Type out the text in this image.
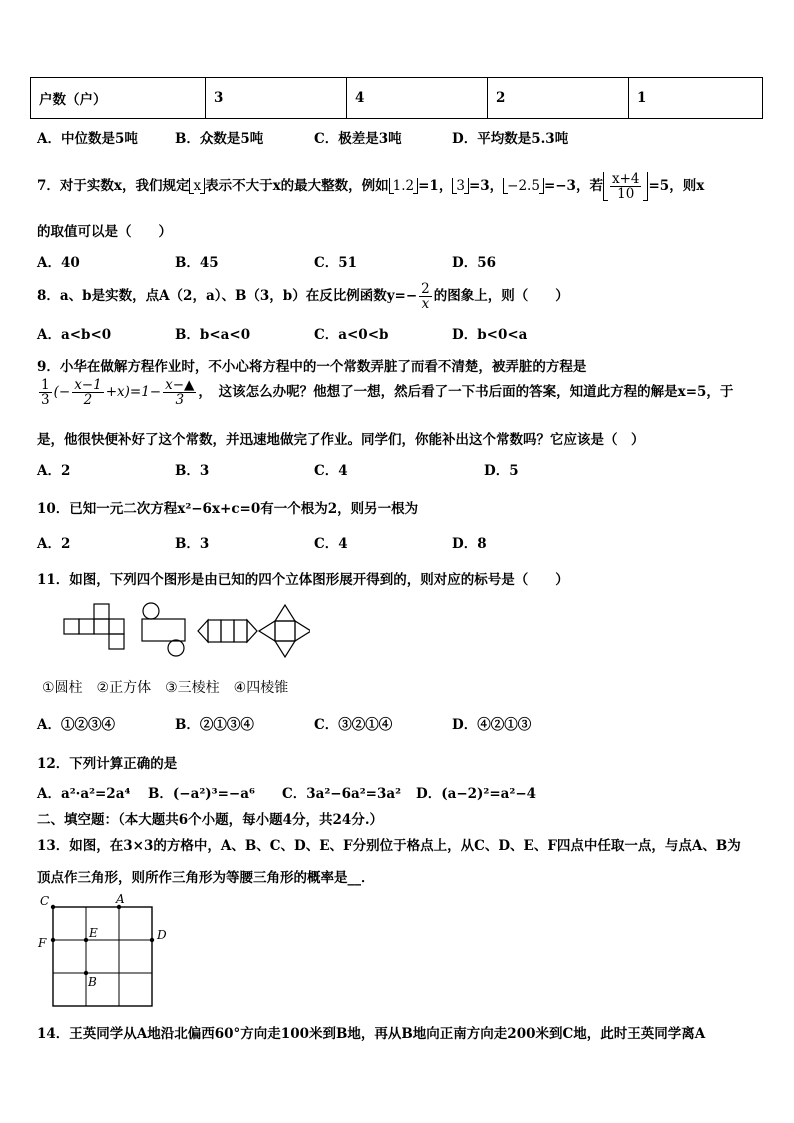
户数（户）	3	4	2	1
A．中位数是5吨	B．众数是5吨	C．极差是3吨	D．平均数是5.3吨
7．对于实数x，我们规定 x 表示不大于x的最大整数，例如 1.2 =1， 3 =3， −2.5 =−3，若 $\frac{x+4}{10} =5$，则x
的取值可以是（　　）
A．40	B．45	C．51	D．56
8．a、b是实数，点A（2，a）、B（3，b）在反比例函数$y=- \frac{2}{x}$ 的图象上，则（　　）
A．a<b<0	B．b<a<0	C．a<0<b	D．b<0<a
9．小华在做解方程作业时，不小心将方程中的一个常数弄脏了而看不清楚，被弄脏的方程是
$\frac{1}{3}$ (− $\frac{x-1}{2} +x)=1- \frac{x-▲}{3}$ ，　这该怎么办呢？他想了一想，然后看了一下书后面的答案，知道此方程的解是x=5，于
是，他很快便补好了这个常数，并迅速地做完了作业。同学们，你能补出这个常数吗？它应该是（　）
A．2	B．3	C．4	D．5
10．已知一元二次方程x²−6x+c=0有一个根为2，则另一根为
A．2	B．3	C．4	D．8
11．如图，下列四个图形是由已知的四个立体图形展开得到的，则对应的标号是（　　）
①圆柱　②正方体　③三棱柱　④四棱锥
A．①②③④	B．②①③④	C．③②①④	D．④②①③
12．下列计算正确的是
A．a²·a²=2a⁴ B．(−a²)³=−a⁶ C．3a²−6a²=3a² D．(a−2)²=a²−4
二、填空题：（本大题共6个小题，每小题4分，共24分.）
13．如图，在3×3的方格中，A、B、C、D、E、F分别位于格点上，从C、D、E、F四点中任取一点，与点A、B为
顶点作三角形，则所作三角形为等腰三角形的概率是__．
C	A
F
E	D
B
14．王英同学从A地沿北偏西60°方向走100米到B地，再从B地向正南方向走200米到C地，此时王英同学离A
